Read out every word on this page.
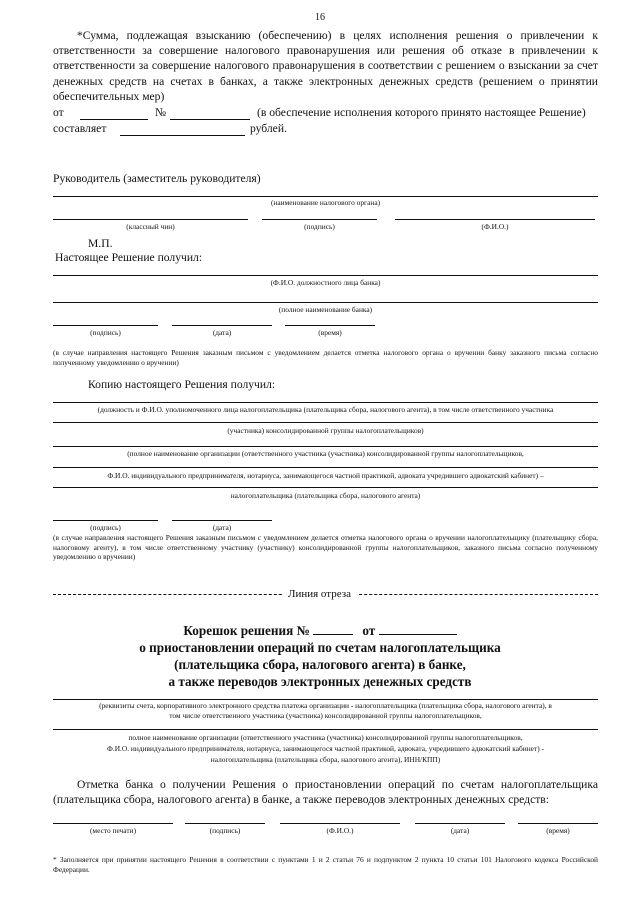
16
*Сумма, подлежащая взысканию (обеспечению) в целях исполнения решения о привлечении к ответственности за совершение налогового правонарушения или решения об отказе в привлечении к ответственности за совершение налогового правонарушения в соответствии с решением о взыскании за счет денежных средств на счетах в банках, а также электронных денежных средств (решением о принятии обеспечительных мер)
от	№	(в обеспечение исполнения которого принято настоящее Решение)
составляет	рублей.
Руководитель (заместитель руководителя)
(наименование налогового органа)
(классный чин)	(подпись)	(Ф.И.О.)
М.П.
Настоящее Решение получил:
(Ф.И.О. должностного лица банка)
(полное наименование банка)
(подпись)	(дата)	(время)
(в случае направления настоящего Решения заказным письмом с уведомлением делается отметка налогового органа о вручении банку заказного письма согласно полученному уведомлению о вручении)
Копию настоящего Решения получил:
(должность и Ф.И.О. уполномоченного лица налогоплательщика (плательщика сбора, налогового агента), в том числе ответственного участника
(участника) консолидированной группы налогоплательщиков)
(полное наименование организации (ответственного участника (участника) консолидированной группы налогоплательщиков,
Ф.И.О. индивидуального предпринимателя, нотариуса, занимающегося частной практикой, адвоката учредившего адвокатский кабинет) –
налогоплательщика (плательщика сбора, налогового агента)
(подпись)	(дата)
(в случае направления настоящего Решения заказным письмом с уведомлением делается отметка налогового органа о вручении налогоплательщику (плательщику сбора, налоговому агенту), в том числе ответственному участнику (участнику) консолидированной группы налогоплательщиков, заказного письма согласно полученному уведомлению о вручении)
Линия отреза
Корешок решения №	от
о приостановлении операций по счетам налогоплательщика
(плательщика сбора, налогового агента) в банке,
а также переводов электронных денежных средств
(реквизиты счета, корпоративного электронного средства платежа организации - налогоплательщика (плательщика сбора, налогового агента), в
том числе ответственного участника (участника) консолидированной группы налогоплательщиков,
полное наименование организации (ответственного участника (участника) консолидированной группы налогоплательщиков,
Ф.И.О. индивидуального предпринимателя, нотариуса, занимающегося частной практикой, адвоката, учредившего адвокатский кабинет) -
налогоплательщика (плательщика сбора, налогового агента), ИНН/КПП)
Отметка банка о получении Решения о приостановлении операций по счетам налогоплательщика (плательщика сбора, налогового агента) в банке, а также переводов электронных денежных средств:
(место печати)	(подпись)	(Ф.И.О.)	(дата)	(время)
* Заполняется при принятии настоящего Решения в соответствии с пунктами 1 и 2 статьи 76 и подпунктом 2 пункта 10 статьи 101 Налогового кодекса Российской Федерации.
